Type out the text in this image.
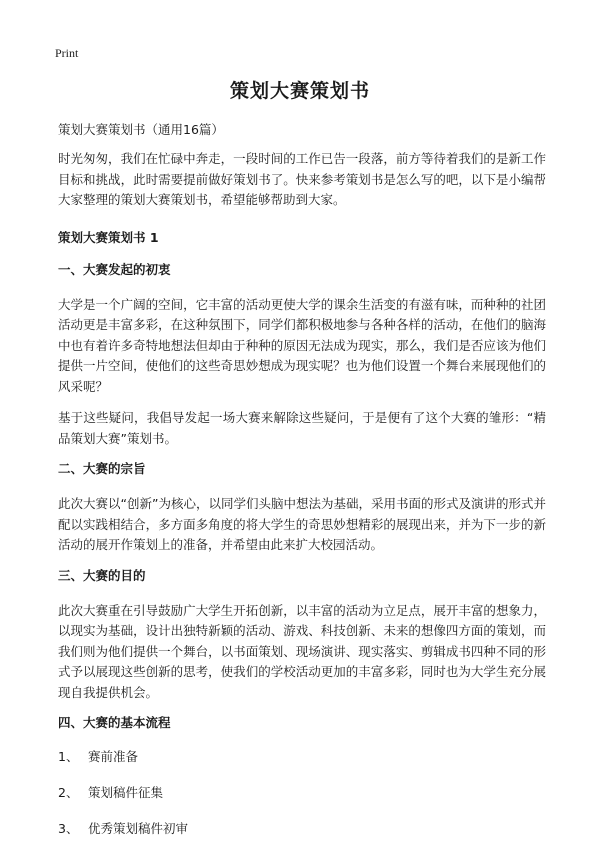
Print
策划大赛策划书
策划大赛策划书（通用16篇）

时光匆匆，我们在忙碌中奔走，一段时间的工作已告一段落，前方等待着我们的是新工作目标和挑战，此时需要提前做好策划书了。快来参考策划书是怎么写的吧，以下是小编帮大家整理的策划大赛策划书，希望能够帮助到大家。

策划大赛策划书 1
一、大赛发起的初衷

大学是一个广阔的空间，它丰富的活动更使大学的课余生活变的有滋有味，而种种的社团活动更是丰富多彩，在这种氛围下，同学们都积极地参与各种各样的活动，在他们的脑海中也有着许多奇特地想法但却由于种种的原因无法成为现实，那么，我们是否应该为他们提供一片空间，使他们的这些奇思妙想成为现实呢？也为他们设置一个舞台来展现他们的风采呢？

基于这些疑问，我倡导发起一场大赛来解除这些疑问，于是便有了这个大赛的雏形：“精品策划大赛”策划书。

二、大赛的宗旨

此次大赛以“创新”为核心，以同学们头脑中想法为基础，采用书面的形式及演讲的形式并配以实践相结合，多方面多角度的将大学生的奇思妙想精彩的展现出来，并为下一步的新活动的展开作策划上的准备，并希望由此来扩大校园活动。

三、大赛的目的

此次大赛重在引导鼓励广大学生开拓创新，以丰富的活动为立足点，展开丰富的想象力，以现实为基础，设计出独特新颖的活动、游戏、科技创新、未来的想像四方面的策划，而我们则为他们提供一个舞台，以书面策划、现场演讲、现实落实、剪辑成书四种不同的形式予以展现这些创新的思考，使我们的学校活动更加的丰富多彩，同时也为大学生充分展现自我提供机会。

四、大赛的基本流程
1、 赛前准备
2、 策划稿件征集
3、 优秀策划稿件初审
